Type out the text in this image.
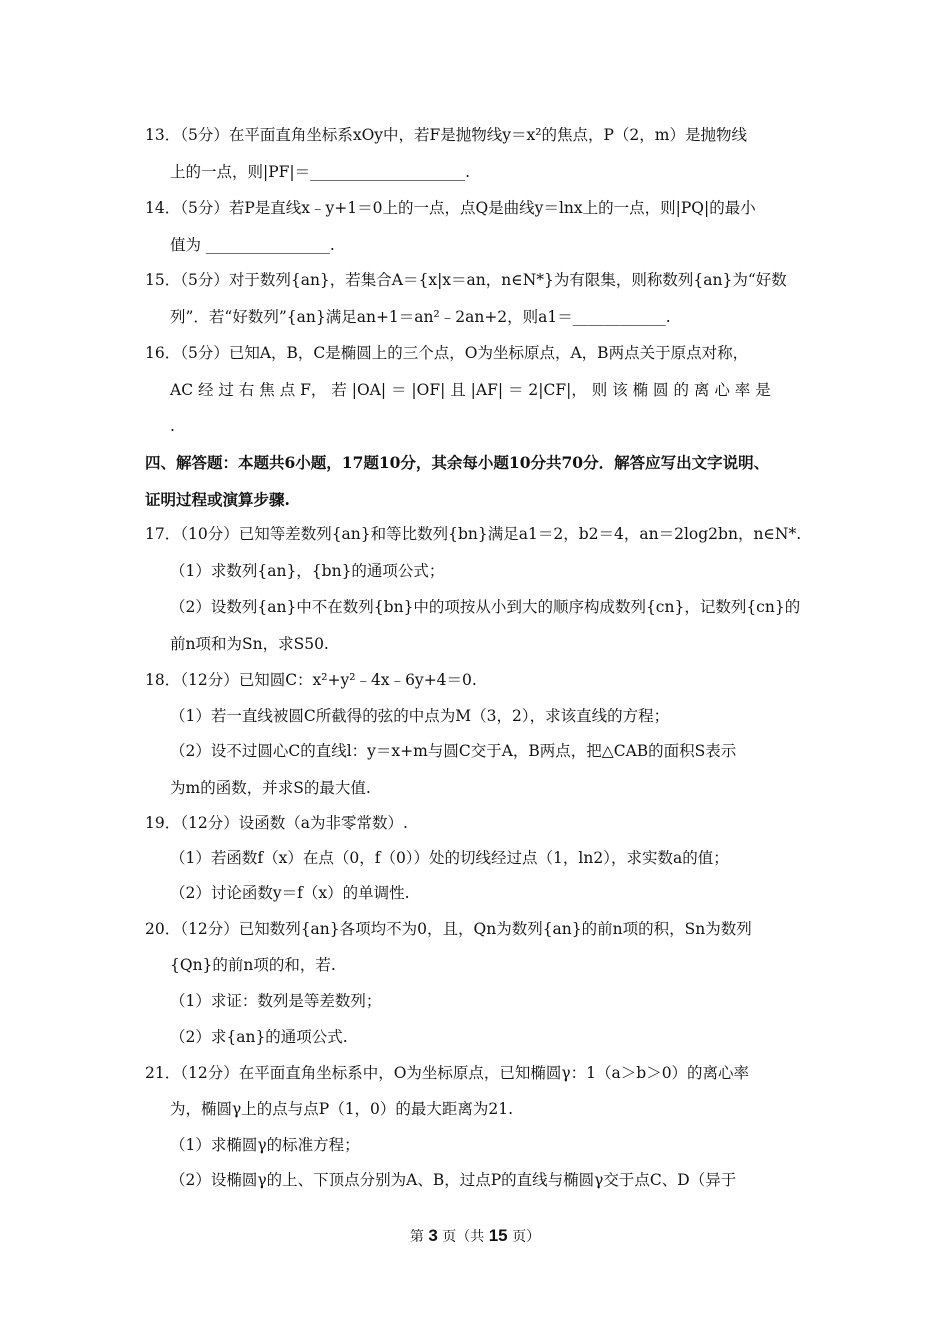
13．（5分）在平面直角坐标系xOy中，若F是抛物线y＝x²的焦点，P（2，m）是抛物线
上的一点，则|PF|＝____________________.
14．（5分）若P是直线x﹣y+1＝0上的一点，点Q是曲线y＝lnx上的一点，则|PQ|的最小
值为 ________________.
15．（5分）对于数列{an}，若集合A＝{x|x＝an，n∈N*}为有限集，则称数列{an}为“好数
列”．若“好数列”{an}满足an+1＝an²﹣2an+2，则a1＝____________.
16．（5分）已知A，B，C是椭圆上的三个点，O为坐标原点，A，B两点关于原点对称，
AC 经 过 右 焦 点 F， 若 |OA| ＝ |OF| 且 |AF| ＝ 2|CF|， 则 该 椭 圆 的 离 心 率 是
.
四、解答题：本题共6小题，17题10分，其余每小题10分共70分．解答应写出文字说明、
证明过程或演算步骤.
17．（10分）已知等差数列{an}和等比数列{bn}满足a1＝2，b2＝4，an＝2log2bn，n∈N*.
（1）求数列{an}，{bn}的通项公式；
（2）设数列{an}中不在数列{bn}中的项按从小到大的顺序构成数列{cn}，记数列{cn}的
前n项和为Sn，求S50.
18．（12分）已知圆C：x²+y²﹣4x﹣6y+4＝0.
（1）若一直线被圆C所截得的弦的中点为M（3，2），求该直线的方程；
（2）设不过圆心C的直线l：y＝x+m与圆C交于A，B两点，把△CAB的面积S表示
为m的函数，并求S的最大值.
19．（12分）设函数（a为非零常数）.
（1）若函数f（x）在点（0，f（0））处的切线经过点（1，ln2），求实数a的值；
（2）讨论函数y＝f（x）的单调性.
20．（12分）已知数列{an}各项均不为0，且，Qn为数列{an}的前n项的积，Sn为数列
{Qn}的前n项的和，若.
（1）求证：数列是等差数列；
（2）求{an}的通项公式.
21．（12分）在平面直角坐标系中，O为坐标原点，已知椭圆γ：1（a＞b＞0）的离心率
为，椭圆γ上的点与点P（1，0）的最大距离为21.
（1）求椭圆γ的标准方程；
（2）设椭圆γ的上、下顶点分别为A、B，过点P的直线与椭圆γ交于点C、D（异于
第 3 页（共 15 页）
